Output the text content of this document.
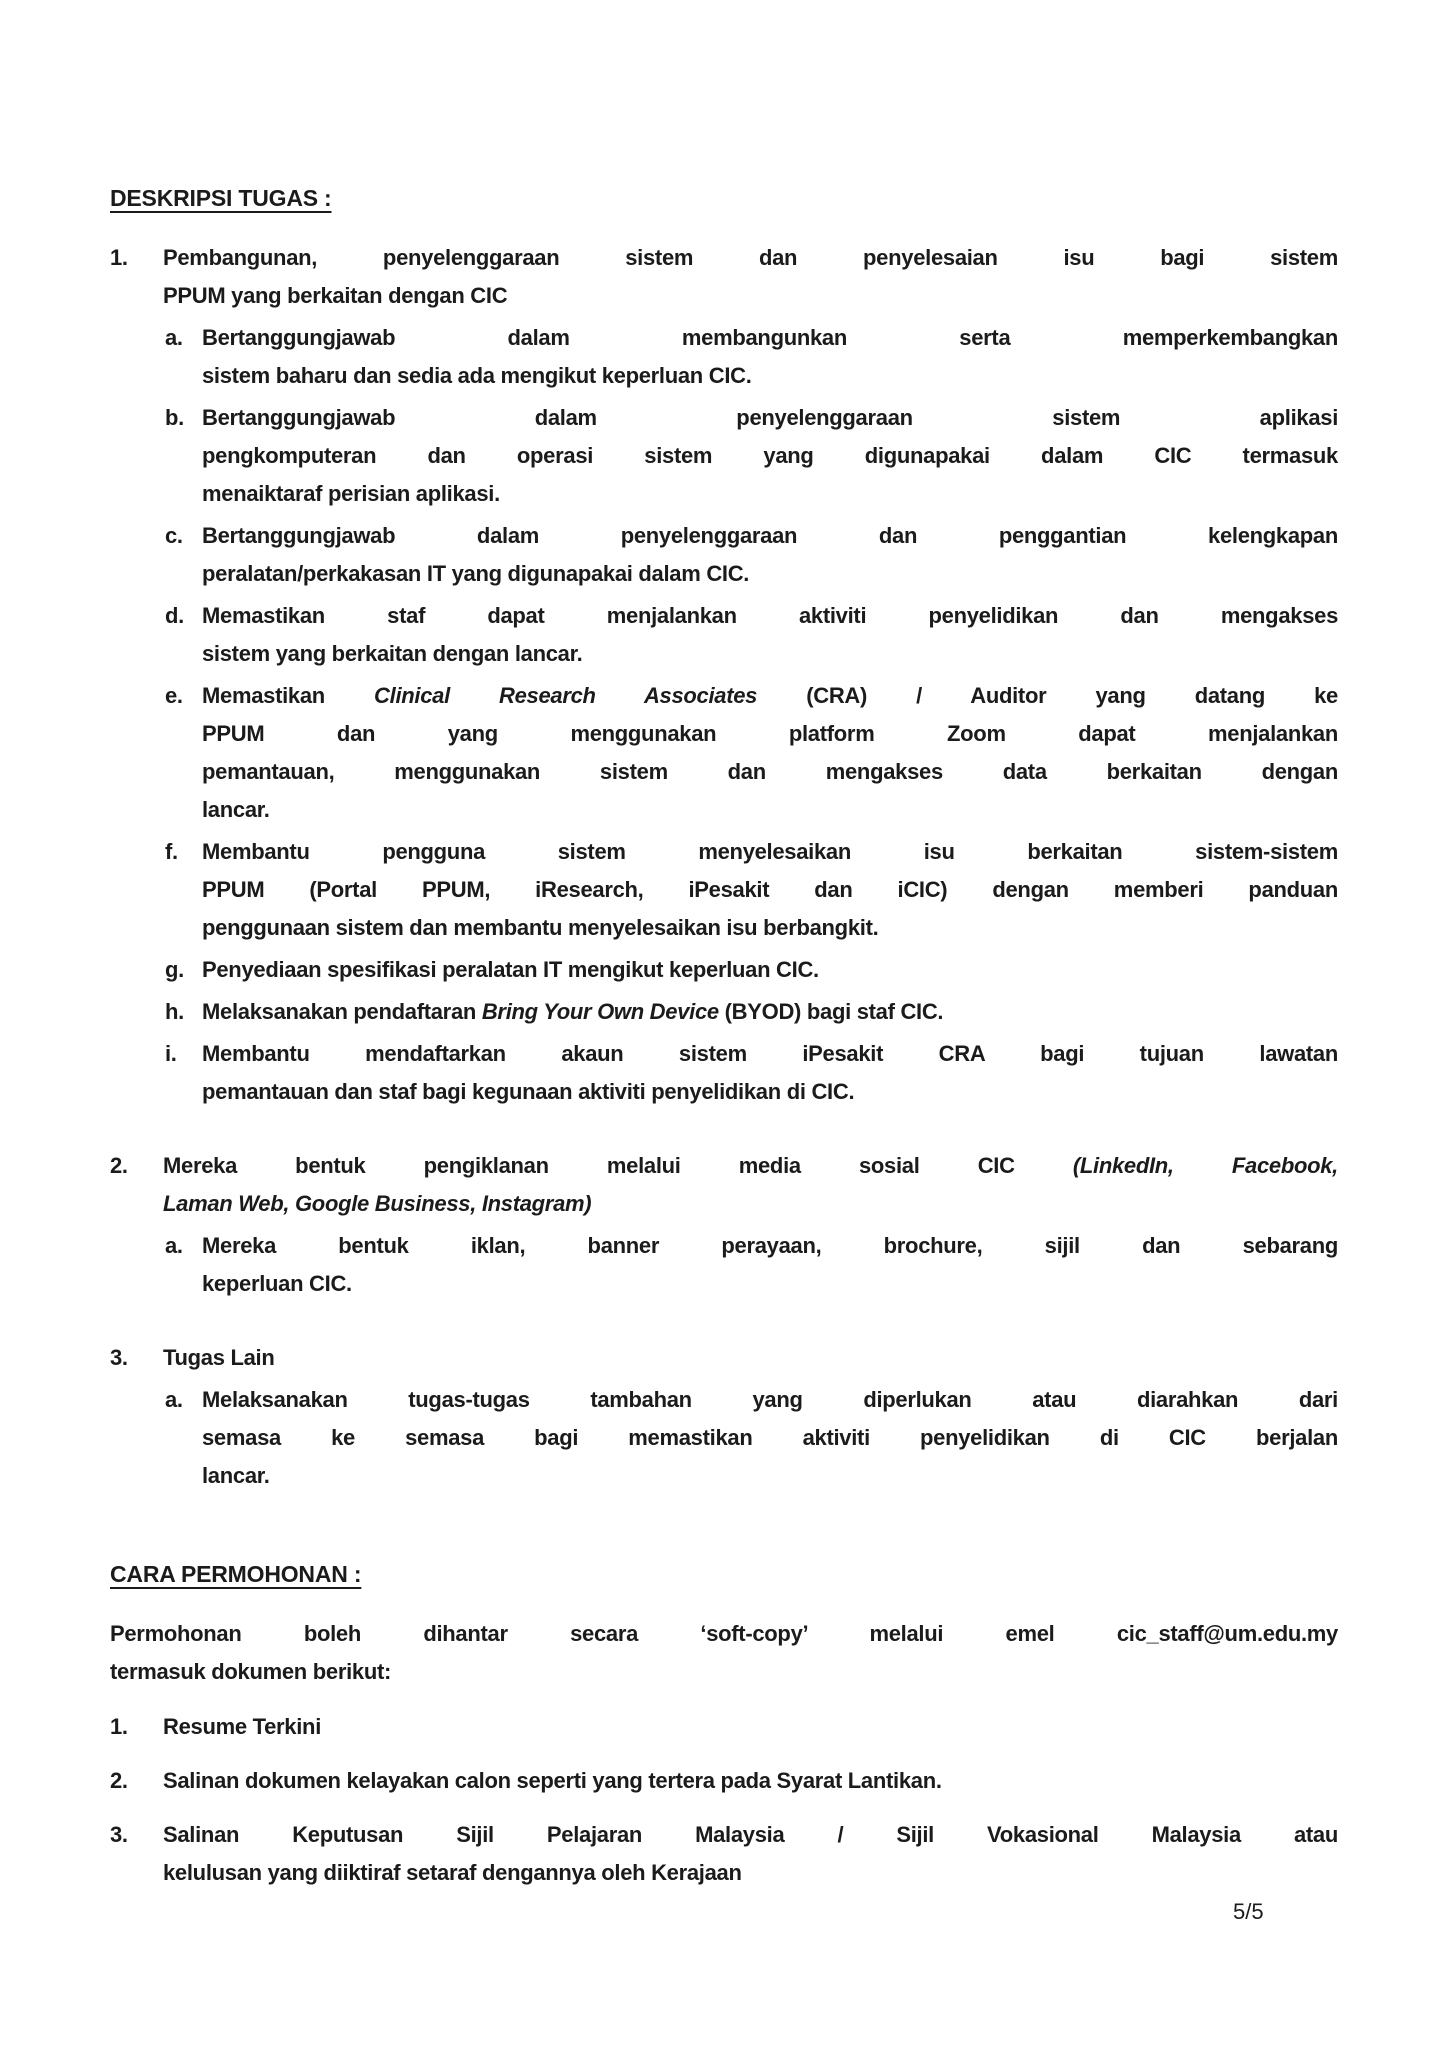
DESKRIPSI TUGAS :
1.	Pembangunan, penyelenggaraan sistem dan penyelesaian isu bagi sistem
PPUM yang berkaitan dengan CIC
a. Bertanggungjawab dalam membangunkan serta memperkembangkan
sistem baharu dan sedia ada mengikut keperluan CIC.
b. Bertanggungjawab dalam penyelenggaraan sistem aplikasi
pengkomputeran dan operasi sistem yang digunapakai dalam CIC termasuk
menaiktaraf perisian aplikasi.
c. Bertanggungjawab dalam penyelenggaraan dan penggantian kelengkapan
peralatan/perkakasan IT yang digunapakai dalam CIC.
d. Memastikan staf dapat menjalankan aktiviti penyelidikan dan mengakses
sistem yang berkaitan dengan lancar.
e. Memastikan Clinical Research Associates (CRA) / Auditor yang datang ke
PPUM dan yang menggunakan platform Zoom dapat menjalankan
pemantauan, menggunakan sistem dan mengakses data berkaitan dengan
lancar.
f.	Membantu pengguna sistem menyelesaikan isu berkaitan sistem-sistem
PPUM (Portal PPUM, iResearch, iPesakit dan iCIC) dengan memberi panduan
penggunaan sistem dan membantu menyelesaikan isu berbangkit.
g. Penyediaan spesifikasi peralatan IT mengikut keperluan CIC.
h. Melaksanakan pendaftaran Bring Your Own Device (BYOD) bagi staf CIC.
i.	Membantu mendaftarkan akaun sistem iPesakit CRA bagi tujuan lawatan
pemantauan dan staf bagi kegunaan aktiviti penyelidikan di CIC.
2.	Mereka bentuk pengiklanan melalui media sosial CIC (LinkedIn, Facebook,
Laman Web, Google Business, Instagram)
a. Mereka bentuk iklan, banner perayaan, brochure, sijil dan sebarang
keperluan CIC.
3.	Tugas Lain
a. Melaksanakan tugas-tugas tambahan yang diperlukan atau diarahkan dari
semasa ke semasa bagi memastikan aktiviti penyelidikan di CIC berjalan
lancar.
CARA PERMOHONAN :
Permohonan boleh dihantar secara ‘soft-copy’ melalui emel cic_staff@um.edu.my
termasuk dokumen berikut:
1.	Resume Terkini
2.	Salinan dokumen kelayakan calon seperti yang tertera pada Syarat Lantikan.
3.	Salinan Keputusan Sijil Pelajaran Malaysia / Sijil Vokasional Malaysia atau
kelulusan yang diiktiraf setaraf dengannya oleh Kerajaan
5/5
